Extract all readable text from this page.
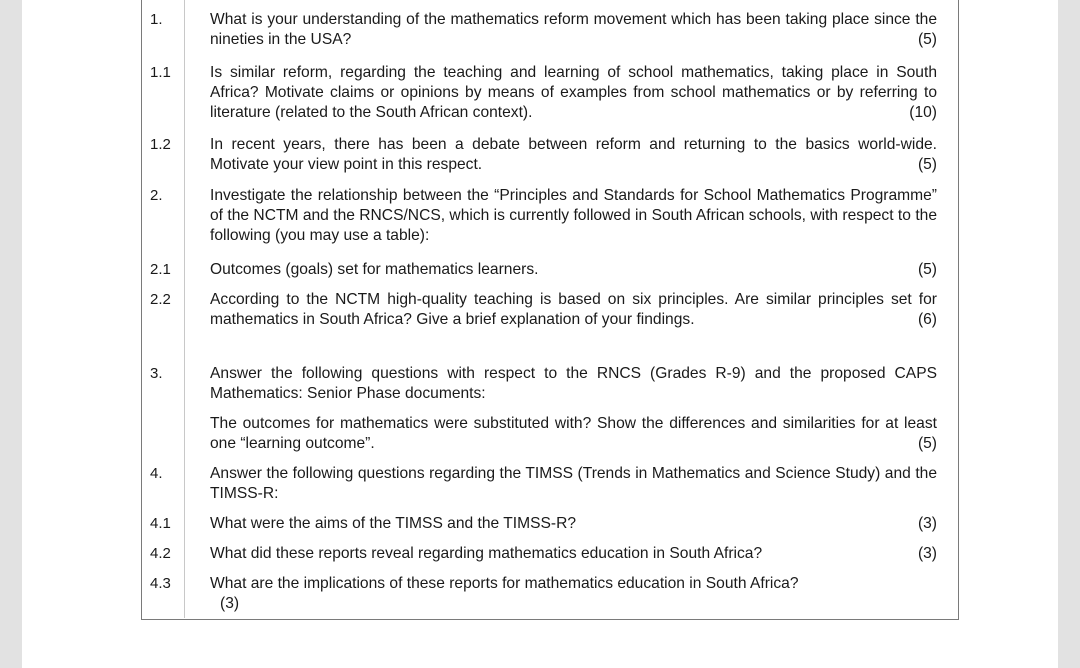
1.	What is your understanding of the mathematics reform movement which has been taking place since the nineties in the USA?	(5)
1.1	Is similar reform, regarding the teaching and learning of school mathematics, taking place in South Africa? Motivate claims or opinions by means of examples from school mathematics or by referring to literature (related to the South African context).	(10)
1.2	In recent years, there has been a debate between reform and returning to the basics world-wide. Motivate your view point in this respect.	(5)
2.	Investigate the relationship between the “Principles and Standards for School Mathematics Programme” of the NCTM and the RNCS/NCS, which is currently followed in South African schools, with respect to the following (you may use a table):
2.1	Outcomes (goals) set for mathematics learners.	(5)
2.2	According to the NCTM high-quality teaching is based on six principles. Are similar principles set for mathematics in South Africa? Give a brief explanation of your findings.	(6)
3.	Answer the following questions with respect to the RNCS (Grades R-9) and the proposed CAPS Mathematics: Senior Phase documents:
The outcomes for mathematics were substituted with? Show the differences and similarities for at least one “learning outcome”.	(5)
4.	Answer the following questions regarding the TIMSS (Trends in Mathematics and Science Study) and the TIMSS-R:
4.1	What were the aims of the TIMSS and the TIMSS-R?	(3)
4.2	What did these reports reveal regarding mathematics education in South Africa?	(3)
4.3	What are the implications of these reports for mathematics education in South Africa?
(3)
